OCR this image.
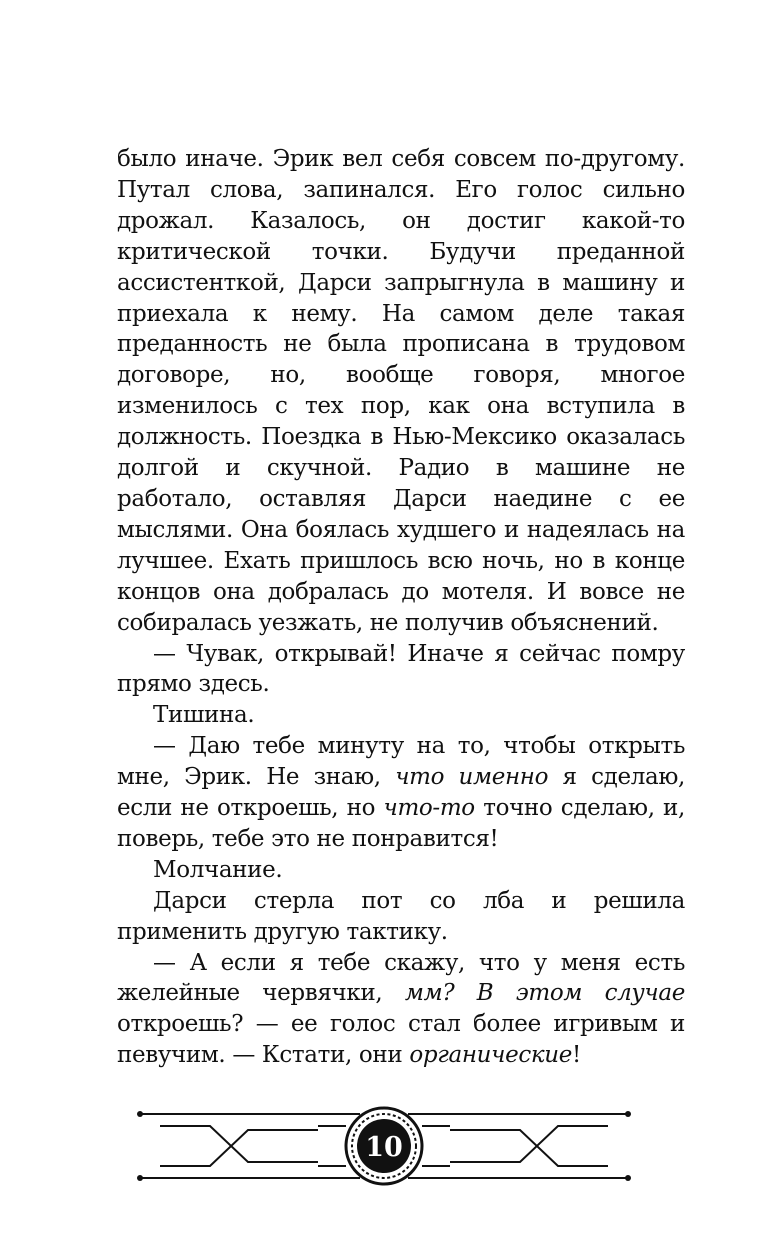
было иначе. Эрик вел себя совсем по-другому. Путал слова, запинался. Его голос сильно дрожал. Казалось, он достиг какой-то критической точки. Будучи преданной ассистенткой, Дарси запрыгнула в машину и приехала к нему. На самом деле такая преданность не была прописана в трудовом договоре, но, вообще говоря, многое изменилось с тех пор, как она вступила в должность. Поездка в Нью-Мексико оказалась долгой и скучной. Радио в машине не работало, оставляя Дарси наедине с ее мыслями. Она боялась худшего и надеялась на лучшее. Ехать пришлось всю ночь, но в конце концов она добралась до мотеля. И вовсе не собиралась уезжать, не получив объяснений.

— Чувак, открывай! Иначе я сейчас помру прямо здесь.

Тишина.

— Даю тебе минуту на то, чтобы открыть мне, Эрик. Не знаю, что именно я сделаю, если не откроешь, но что-то точно сделаю, и, поверь, тебе это не понравится!

Молчание.

Дарси стерла пот со лба и решила применить другую тактику.

— А если я тебе скажу, что у меня есть желейные червячки, мм? В этом случае откроешь? — ее голос стал более игривым и певучим. — Кстати, они органические!

10
